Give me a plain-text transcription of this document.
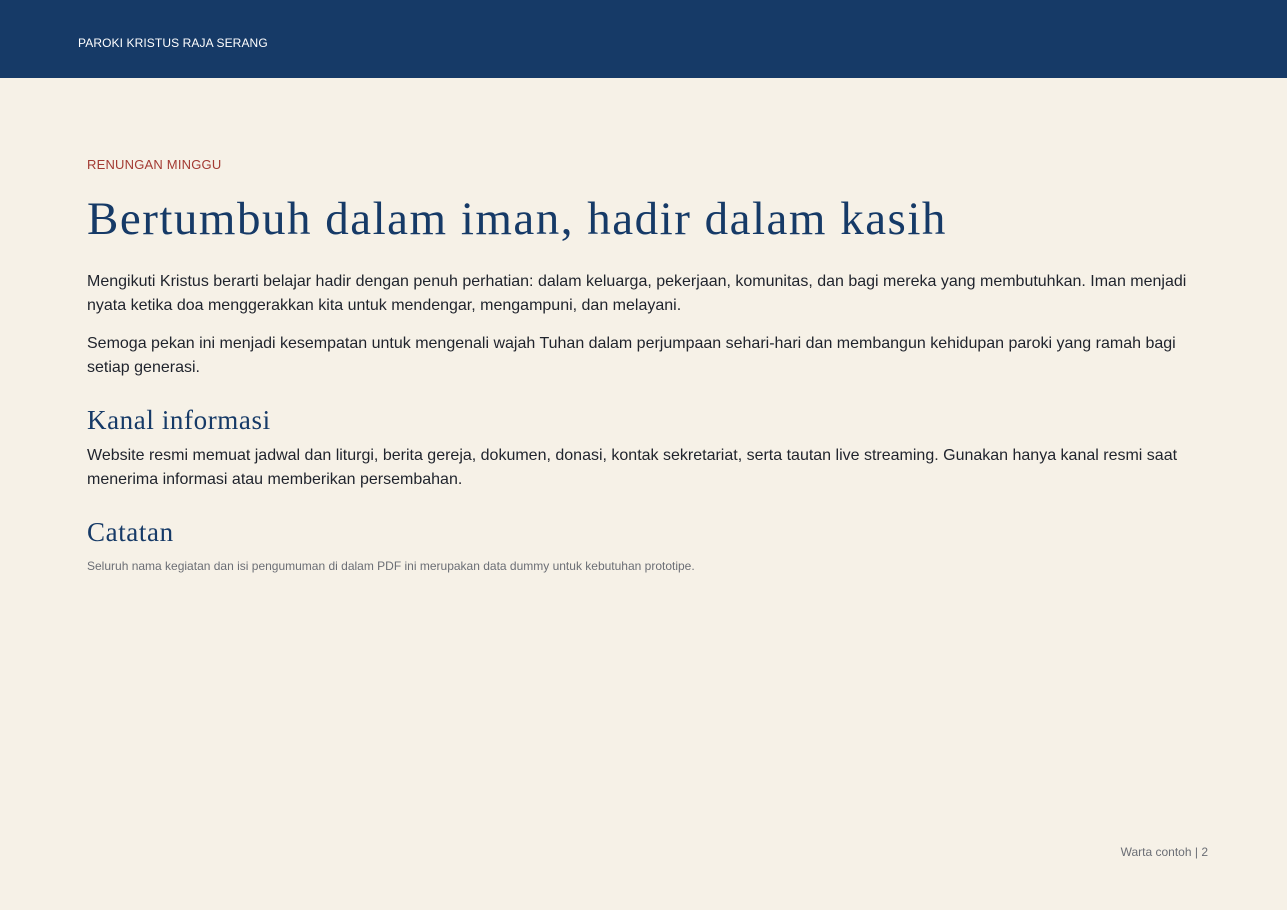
PAROKI KRISTUS RAJA SERANG

RENUNGAN MINGGU

Bertumbuh dalam iman, hadir dalam kasih

Mengikuti Kristus berarti belajar hadir dengan penuh perhatian: dalam keluarga, pekerjaan, komunitas, dan bagi mereka yang membutuhkan. Iman menjadi nyata ketika doa menggerakkan kita untuk mendengar, mengampuni, dan melayani.

Semoga pekan ini menjadi kesempatan untuk mengenali wajah Tuhan dalam perjumpaan sehari-hari dan membangun kehidupan paroki yang ramah bagi setiap generasi.

Kanal informasi

Website resmi memuat jadwal dan liturgi, berita gereja, dokumen, donasi, kontak sekretariat, serta tautan live streaming. Gunakan hanya kanal resmi saat menerima informasi atau memberikan persembahan.

Catatan

Seluruh nama kegiatan dan isi pengumuman di dalam PDF ini merupakan data dummy untuk kebutuhan prototipe.

Warta contoh | 2
